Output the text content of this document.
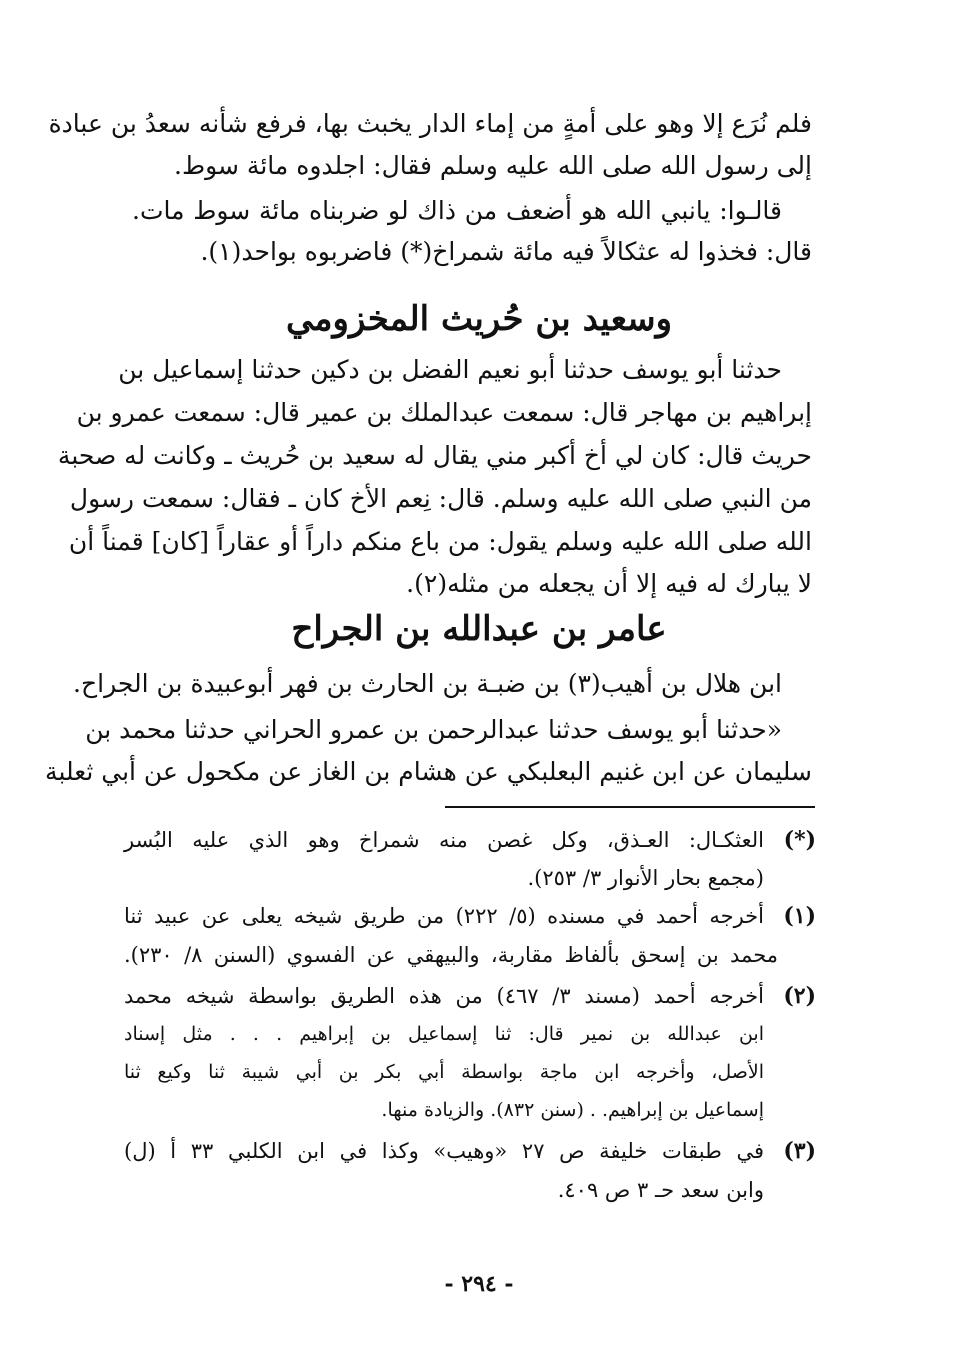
فلم نُرَع إلا وهو على أمةٍ من إماء الدار يخبث بها، فرفع شأنه سعدُ بن عبادة
إلى رسول الله صلى الله عليه وسلم فقال: اجلدوه مائة سوط.
قالـوا: يانبي الله هو أضعف من ذاك لو ضربناه مائة سوط مات.
قال: فخذوا له عثكالاً فيه مائة شمراخ(*) فاضربوه بواحد(١).
وسعيد بن حُريث المخزومي
حدثنا أبو يوسف حدثنا أبو نعيم الفضل بن دكين حدثنا إسماعيل بن
إبراهيم بن مهاجر قال: سمعت عبدالملك بن عمير قال: سمعت عمرو بن
حريث قال: كان لي أخ أكبر مني يقال له سعيد بن حُريث ـ وكانت له صحبة
من النبي صلى الله عليه وسلم. قال: نِعم الأخ كان ـ فقال: سمعت رسول
الله صلى الله عليه وسلم يقول: من باع منكم داراً أو عقاراً [كان] قمناً أن
لا يبارك له فيه إلا أن يجعله من مثله(٢).
عامر بن عبدالله بن الجراح
ابن هلال بن أهيب(٣) بن ضبـة بن الحارث بن فهر أبوعبيدة بن الجراح.
«حدثنا أبو يوسف حدثنا عبدالرحمن بن عمرو الحراني حدثنا محمد بن
سليمان عن ابن غنيم البعلبكي عن هشام بن الغاز عن مكحول عن أبي ثعلبة
(*)
العثكـال: العـذق، وكل غصن منه شمراخ وهو الذي عليه البُسر
(مجمع بحار الأنوار ٣/ ٢٥٣).
(١)
أخرجه أحمد في مسنده (٥/ ٢٢٢) من طريق شيخه يعلى عن عبيد ثنا
محمد بن إسحق بألفاظ مقاربة، والبيهقي عن الفسوي (السنن ٨/ ٢٣٠).
(٢)
أخرجه أحمد (مسند ٣/ ٤٦٧) من هذه الطريق بواسطة شيخه محمد
ابن عبدالله بن نمير قال: ثنا إسماعيل بن إبراهيم . . . مثل إسناد
الأصل، وأخرجه ابن ماجة بواسطة أبي بكر بن أبي شيبة ثنا وكيع ثنا
إسماعيل بن إبراهيم. . (سنن ٨٣٢). والزيادة منها.
(٣)
في طبقات خليفة ص ٢٧ «وهيب» وكذا في ابن الكلبي ٣٣ أ (ل)
وابن سعد حـ ٣ ص ٤٠٩.
- ٢٩٤ -
